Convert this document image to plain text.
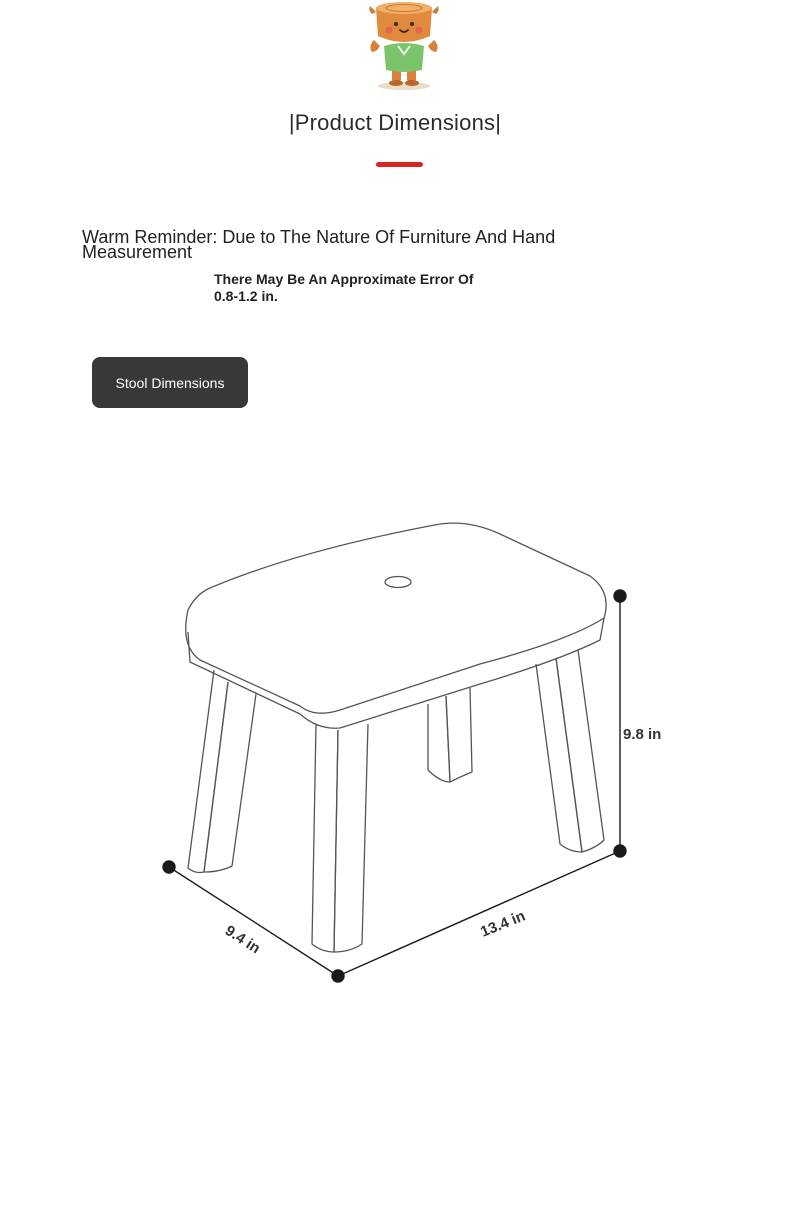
|Product Dimensions|
Warm Reminder: Due to The Nature Of Furniture And Hand Measurement
There May Be An Approximate Error Of 0.8-1.2 in.
Stool Dimensions
9.8 in
9.4 in	13.4 in
